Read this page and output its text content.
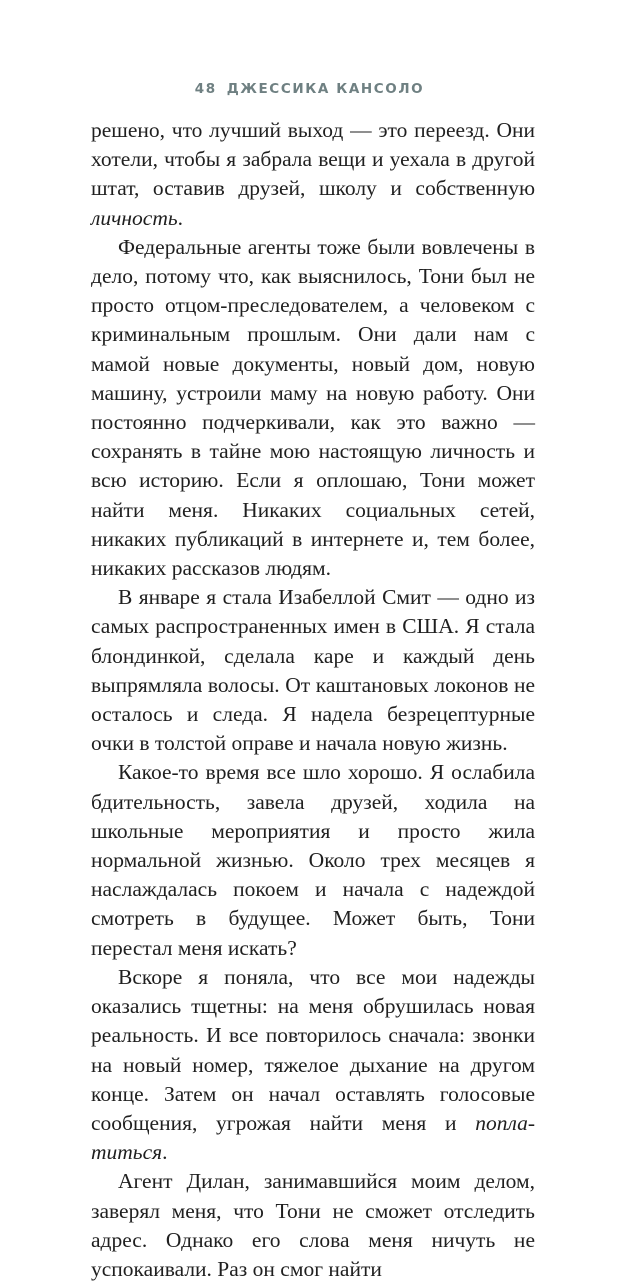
48 ДЖЕССИКА КАНСОЛО

решено, что лучший выход — это переезд. Они хотели, чтобы я забрала вещи и уехала в другой штат, оставив друзей, школу и собственную личность.

Федеральные агенты тоже были вовлечены в дело, потому что, как выяснилось, Тони был не просто отцом-преследователем, а человеком с криминальным прошлым. Они дали нам с мамой новые документы, новый дом, новую машину, устроили маму на новую работу. Они постоянно подчеркивали, как это важно — сохранять в тайне мою настоящую личность и всю историю. Если я оплошаю, Тони может найти меня. Никаких социальных сетей, никаких публикаций в интернете и, тем более, никаких рассказов людям.

В январе я стала Изабеллой Смит — одно из самых распространенных имен в США. Я стала блондинкой, сделала каре и каждый день выпрямляла волосы. От каштановых локонов не осталось и следа. Я надела безрецептурные очки в толстой оправе и начала новую жизнь.

Какое-то время все шло хорошо. Я ослабила бдительность, завела друзей, ходила на школьные мероприятия и просто жила нормальной жизнью. Около трех месяцев я наслаждалась покоем и начала с надеждой смотреть в будущее. Может быть, Тони перестал меня искать?

Вскоре я поняла, что все мои надежды оказались тщетны: на меня обрушилась новая реальность. И все повторилось сначала: звонки на новый номер, тяжелое дыхание на другом конце. Затем он начал оставлять голосовые сообщения, угрожая найти меня и поплатиться.

Агент Дилан, занимавшийся моим делом, заверял меня, что Тони не сможет отследить адрес. Однако его слова меня ничуть не успокаивали. Раз он смог найти
